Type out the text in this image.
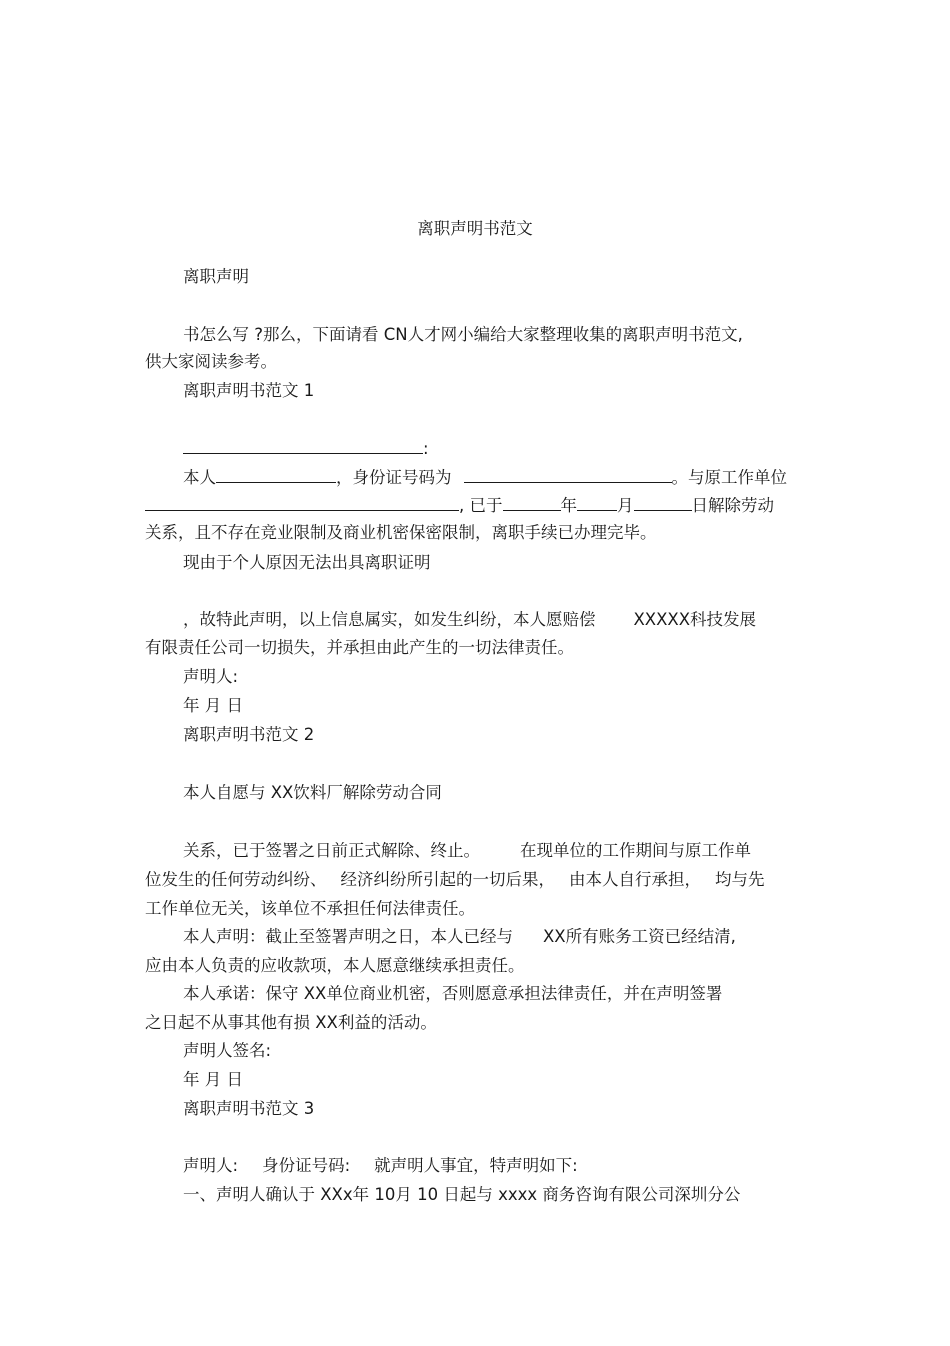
离职声明书范文
离职声明
书怎么写 ?那么，下面请看 CN人才网小编给大家整理收集的离职声明书范文,
供大家阅读参考。
离职声明书范文 1
:
本人	，身份证号码为	。与原工作单位
, 已于	年 月	日解除劳动
关系，且不存在竞业限制及商业机密保密限制，离职手续已办理完毕。
现由于个人原因无法出具离职证明
，故特此声明，以上信息属实，如发生纠纷，本人愿赔偿 XXXXX科技发展
有限责任公司一切损失，并承担由此产生的一切法律责任。
声明人:
年 月 日
离职声明书范文 2
本人自愿与 XX饮料厂解除劳动合同
关系，已于签署之日前正式解除、终止。 在现单位的工作期间与原工作单
位发生的任何劳动纠纷、 经济纠纷所引起的一切后果， 由本人自行承担， 均与先
工作单位无关，该单位不承担任何法律责任。
本人声明：截止至签署声明之日，本人已经与 XX所有账务工资已经结清,
应由本人负责的应收款项，本人愿意继续承担责任。
本人承诺：保守 XX单位商业机密，否则愿意承担法律责任，并在声明签署
之日起不从事其他有损 XX利益的活动。
声明人签名:
年 月 日
离职声明书范文 3
声明人: 身份证号码: 就声明人事宜，特声明如下:
一、声明人确认于 XXx年 10月 10 日起与 xxxx 商务咨询有限公司深圳分公
